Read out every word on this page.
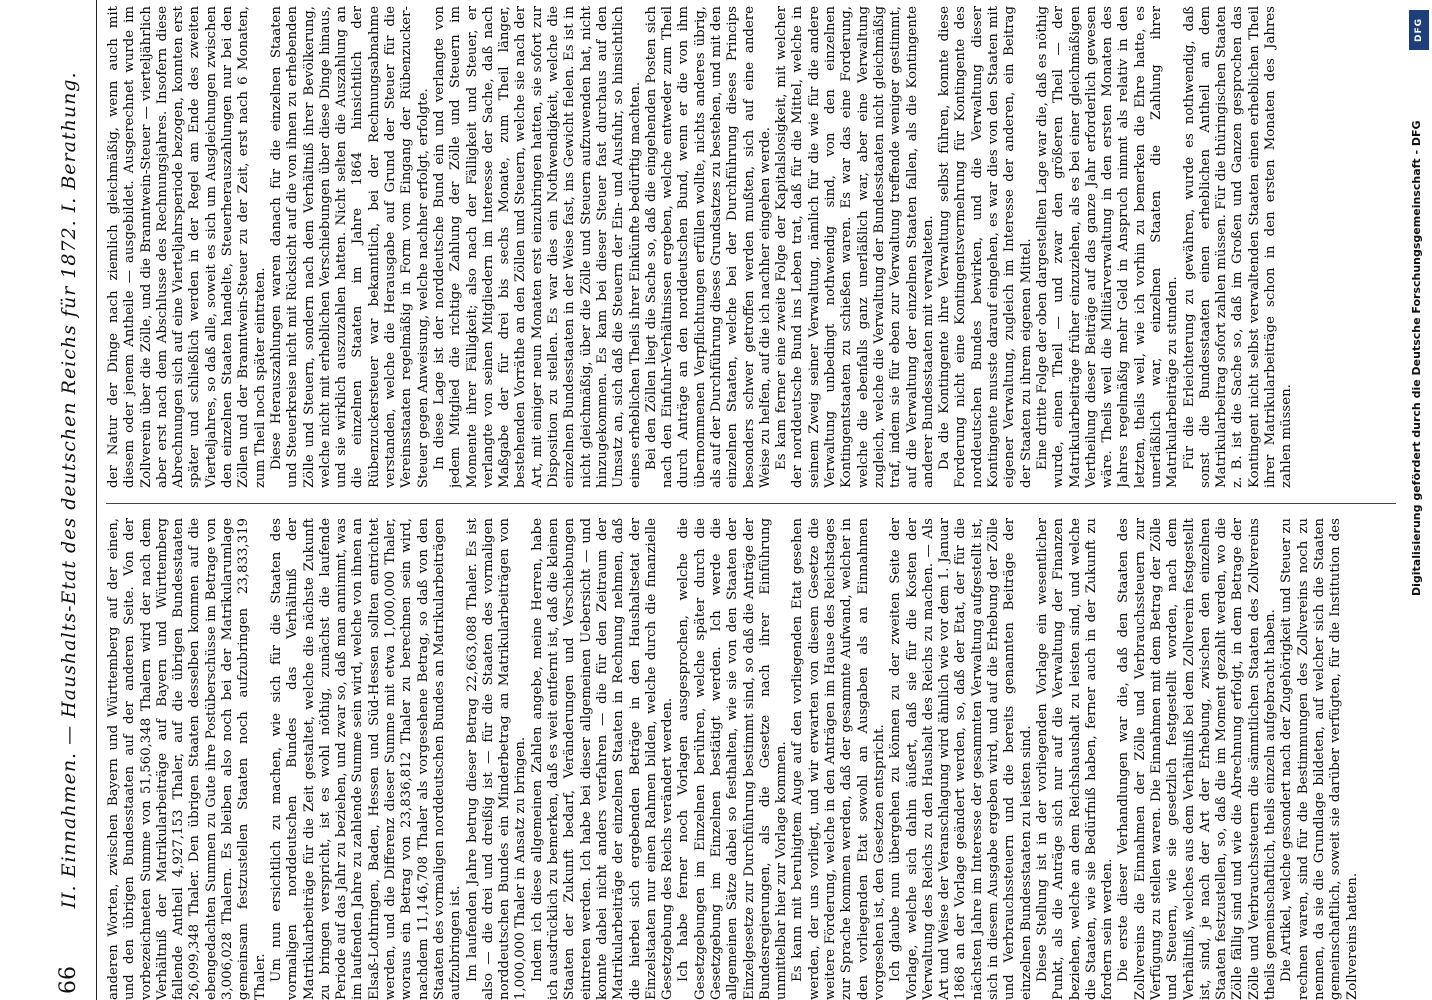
66
II. Einnahmen. — Haushalts-Etat des deutschen Reichs für 1872. I. Berathung. anderen Worten, zwischen Bayern und Württemberg auf der einen, und den übrigen Bundesstaaten auf der anderen Seite. Von der vorbezeichneten Summe von 51,560,348 Thalern wird der nach dem Verhältniß der Matrikularbeiträge auf Bayern und Württemberg fallende Antheil 4,927,153 Thaler, auf die übrigen Bundesstaaten 26,099,348 Thaler. Den übrigen Staaten desselben kommen auf die ebengedachten Summen zu Gute ihre Postüberschüsse im Betrage von 3,006,028 Thalern. Es bleiben also noch bei der Matrikularumlage gemeinsam festzustellen Staaten noch aufzubringen 23,833,319 Thaler. Um nun ersichtlich zu machen, wie sich für die Staaten des vormaligen norddeutschen Bundes das Verhältniß der Matrikularbeiträge für die Zeit gestaltet, welche die nächste Zukunft zu bringen verspricht, ist es wohl nöthig, zunächst die laufende Periode auf das Jahr zu beziehen, und zwar so, daß man annimmt, was im laufenden Jahre zu zahlende Summe sein wird, welche von ihnen an Elsaß-Lothringen, Baden, Hessen und Süd-Hessen sollten entrichtet werden, und die Differenz dieser Summe mit etwa 1,000,000 Thaler, woraus ein Betrag von 23,836,812 Thaler zu berechnen sein wird, nachdem 11,146,708 Thaler als vorgesehene Betrag, so daß von den Staaten des vormaligen norddeutschen Bundes an Matrikularbeiträgen aufzubringen ist. Im laufenden Jahre betrug dieser Betrag 22,663,088 Thaler. Es ist also — die drei und dreißig ist — für die Staaten des vormaligen norddeutschen Bundes ein Minderbetrag an Matrikularbeiträgen von 1,000,000 Thaler in Ansatz zu bringen. Indem ich diese allgemeinen Zahlen angebe, meine Herren, habe ich ausdrücklich zu bemerken, daß es weit entfernt ist, daß die kleinen Staaten der Zukunft bedarf, Veränderungen und Verschiebungen eintreten werden. Ich habe bei dieser allgemeinen Uebersicht — und konnte dabei nicht anders verfahren — die für den Zeitraum der Matrikularbeiträge der einzelnen Staaten in Rechnung nehmen, daß die hierbei sich ergebenden Beträge in den Haushaltsetat der Einzelstaaten nur einen Rahmen bilden, welche durch die finanzielle Gesetzgebung des Reichs verändert werden. Ich habe ferner noch Vorlagen ausgesprochen, welche die Gesetzgebungen im Einzelnen berühren, welche später durch die Gesetzgebung im Einzelnen bestätigt werden. Ich werde die allgemeinen Sätze dabei so festhalten, wie sie von den Staaten der Einzelgesetze zur Durchführung bestimmt sind, so daß die Anträge der Bundesregierungen, als die Gesetze nach ihrer Einführung unmittelbar hier zur Vorlage kommen. Es kann mit beruhigtem Auge auf den vorliegenden Etat gesehen werden, der uns vorliegt, und wir erwarten von diesem Gesetze die weitere Förderung, welche in den Anträgen im Hause des Reichstages zur Sprache kommen werden, daß der gesammte Aufwand, welcher in den vorliegenden Etat sowohl an Ausgaben als an Einnahmen vorgesehen ist, den Gesetzen entspricht. Ich glaube nun übergehen zu können zu der zweiten Seite der Vorlage, welche sich dahin äußert, daß sie für die Kosten der Verwaltung des Reichs zu den Haushalt des Reichs zu machen. — Als Art und Weise der Veranschlagung wird ähnlich wie vor dem 1. Januar 1868 an der Vorlage geändert werden, so, daß der Etat, der für die nächsten Jahre im Interesse der gesammten Verwaltung aufgestellt ist, sich in diesem Ausgabe ergeben wird, und auf die Erhebung der Zölle und Verbrauchssteuern und die bereits genannten Beiträge der einzelnen Bundesstaaten zu leisten sind. Diese Stellung ist in der vorliegenden Vorlage ein wesentlicher Punkt, als die Anträge sich nur auf die Verwaltung der Finanzen beziehen, welche an dem Reichshaushalt zu leisten sind, und welche die Staaten, wie sie Bedürfniß haben, ferner auch in der Zukunft zu fordern sein werden. Die erste dieser Verhandlungen war die, daß den Staaten des Zollvereins die Einnahmen der Zölle und Verbrauchssteuern zur Verfügung zu stellen waren. Die Einnahmen mit dem Betrag der Zölle und Steuern, wie sie gesetzlich festgestellt worden, nach dem Verhältniß, welches aus dem Verhältniß bei dem Zollverein festgestellt ist, sind, je nach der Art der Erhebung, zwischen den einzelnen Staaten festzustellen, so, daß die im Moment gezahlt werden, wo die Zölle fällig sind und wie die Abrechnung erfolgt, in dem Betrage der Zölle und Verbrauchssteuern die sämmtlichen Staaten des Zollvereins theils gemeinschaftlich, theils einzeln aufgebracht haben. Die Artikel, welche gesondert nach der Zugehörigkeit und Steuer zu rechnen waren, sind für die Bestimmungen des Zollvereins noch zu nennen, da sie die Grundlage bildeten, auf welcher sich die Staaten gemeinschaftlich, soweit sie darüber verfügten, für die Institution des Zollvereins hatten.

der Natur der Dinge nach ziemlich gleichmäßig, wenn auch mit diesem oder jenem Antheile — ausgebildet. Ausgerechnet wurde im Zollverein über die Zölle, und die Branntwein-Steuer — vierteljährlich aber erst nach dem Abschlusse des Rechnungsjahres. Insofern diese Abrechnungen sich auf eine Vierteljahrsperiode bezogen, konnten erst später und schließlich werden in der Regel am Ende des zweiten Vierteljahres, so daß alle, soweit es sich um Ausgleichungen zwischen den einzelnen Staaten handelte, Steuerherauszahlungen nur bei den Zöllen und der Branntwein-Steuer zu der Zeit, erst nach 6 Monaten, zum Theil noch später eintraten. Diese Herauszahlungen waren danach für die einzelnen Staaten und Steuerkreise nicht mit Rücksicht auf die von ihnen zu erhebenden Zölle und Steuern, sondern nach dem Verhältniß ihrer Bevölkerung, welche nicht mit erheblichen Verschiebungen über diese Dinge hinaus, und sie wirklich auszuzahlen hatten. Nicht selten die Auszahlung an die einzelnen Staaten im Jahre 1864 hinsichtlich der Rübenzuckersteuer war bekanntlich, bei der Rechnungsabnahme verstanden, welche die Herausgabe auf Grund der Steuer für die Vereinsstaaten regelmäßig in Form vom Eingang der Rübenzucker-Steuer gegen Anweisung, welche nachher erfolgt, erfolgte. In diese Lage ist der norddeutsche Bund ein und verlangte von jedem Mitglied die richtige Zahlung der Zölle und Steuern im Momente ihrer Fälligkeit; also nach der Fälligkeit und Steuer, er verlangte von seinen Mitgliedern im Interesse der Sache, daß nach Maßgabe der für drei bis sechs Monate, zum Theil länger, bestehenden Vorräthe an den Zöllen und Steuern, welche sie nach der Art, mit einiger neun Monaten erst einzubringen hatten, sie sofort zur Disposition zu stellen. Es war dies ein Nothwendigkeit, welche die einzelnen Bundesstaaten in der Weise fast, ins Gewicht fielen. Es ist in nicht gleichmäßig, über die Zölle und Steuern aufzuwenden hat, nicht hinzugekommen. Es kam bei dieser Steuer fast durchaus auf den Umsatz an, sich daß die Steuern der Ein- und Ausfuhr, so hinsichtlich eines erheblichen Theils ihrer Einkünfte bedürftig machten. Bei den Zöllen liegt die Sache so, daß die eingehenden Posten sich nach den Einfuhr-Verhältnissen ergeben, welche entweder zum Theil durch Anträge an den norddeutschen Bund, wenn er die von ihm übernommenen Verpflichtungen erfüllen wollte, nichts anderes übrig, als auf der Durchführung dieses Grundsatzes zu bestehen, und mit den einzelnen Staaten, welche bei der Durchführung dieses Princips besonders schwer getroffen werden mußten, sich auf eine andere Weise zu helfen, auf die ich nachher eingehen werde. Es kam ferner eine zweite Folge der Kapitalslosigkeit, mit welcher der norddeutsche Bund ins Leben trat, daß für die Mittel, welche in seinem Zweig seiner Verwaltung, nämlich für die wie für die andere Verwaltung unbedingt nothwendig sind, von den einzelnen Kontingentstaaten zu schießen waren. Es war das eine Forderung, welche die ebenfalls ganz unerläßlich war, aber eine Verwaltung zugleich, welche die Verwaltung der Bundesstaaten nicht gleichmäßig traf, indem sie für eben zur Verwaltung treffende weniger gestimmt, auf die Verwaltung der einzelnen Staaten fallen, als die Kontingente anderer Bundesstaaten mit verwalteten. Da die Kontingente ihre Verwaltung selbst führen, konnte diese Forderung nicht eine Kontingentsvermehrung für Kontingente des norddeutschen Bundes bewirken, und die Verwaltung dieser Kontingente musste darauf eingehen, es war dies von den Staaten mit eigener Verwaltung, zugleich im Interesse der anderen, ein Beitrag der Staaten zu ihrem eigenen Mittel. Eine dritte Folge der oben dargestellten Lage war die, daß es nöthig wurde, einen Theil — und zwar den größeren Theil — der Matrikularbeiträge früher einzuziehen, als es bei einer gleichmäßigen Vertheilung dieser Beiträge auf das ganze Jahr erforderlich gewesen wäre. Theils weil die Militärverwaltung in den ersten Monaten des Jahres regelmäßig mehr Geld in Anspruch nimmt als relativ in den letzten, theils weil, wie ich vorhin zu bemerken die Ehre hatte, es unerläßlich war, einzelnen Staaten die Zahlung ihrer Matrikularbeiträge zu stunden. Für die Erleichterung zu gewähren, wurde es nothwendig, daß sonst die Bundesstaaten einen erheblichen Antheil an dem Matrikularbeitrag sofort zahlen müssen. Für die thüringischen Staaten z. B. ist die Sache so, daß im Großen und Ganzen gesprochen das Kontingent nicht selbst verwaltenden Staaten einen erheblichen Theil ihrer Matrikularbeiträge schon in den ersten Monaten des Jahres zahlen müssen.

DFG
Digitalisierung gefördert durch die Deutsche Forschungsgemeinschaft - DFG
